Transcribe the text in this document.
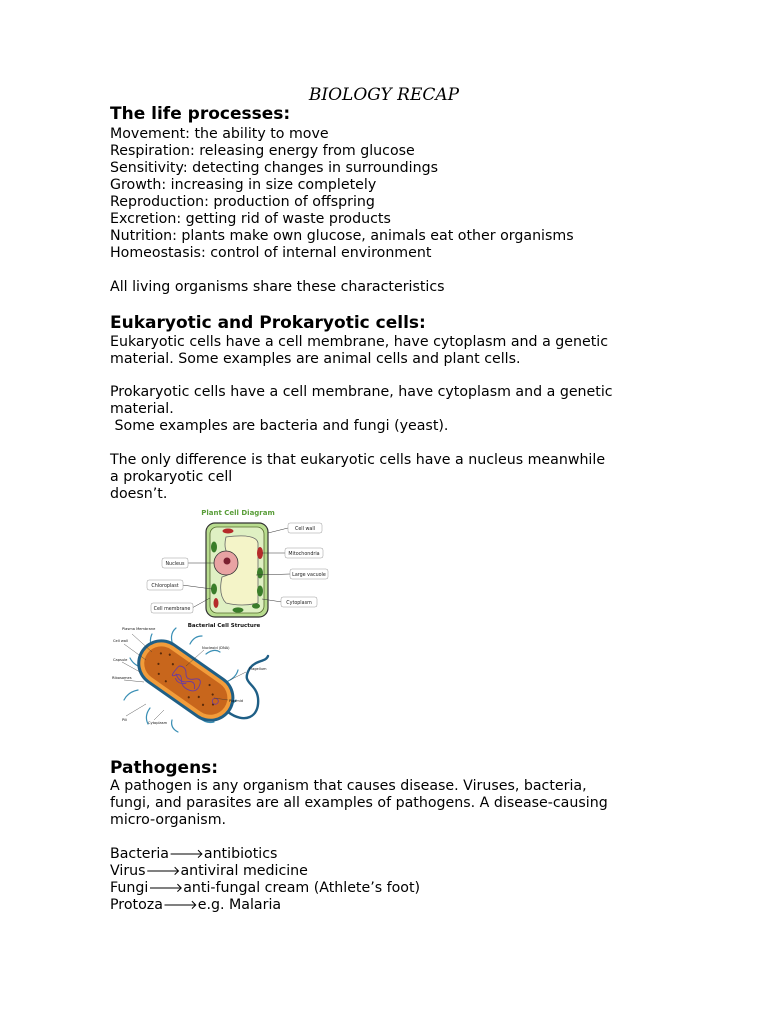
BIOLOGY RECAP
The life processes:
Movement: the ability to move
Respiration: releasing energy from glucose
Sensitivity: detecting changes in surroundings
Growth: increasing in size completely
Reproduction: production of offspring
Excretion: getting rid of waste products
Nutrition: plants make own glucose, animals eat other organisms
Homeostasis: control of internal environment
All living organisms share these characteristics
Eukaryotic and Prokaryotic cells:
Eukaryotic cells have a cell membrane, have cytoplasm and a genetic
material. Some examples are animal cells and plant cells.
Prokaryotic cells have a cell membrane, have cytoplasm and a genetic
material.
Some examples are bacteria and fungi (yeast).
The only difference is that eukaryotic cells have a nucleus meanwhile
a prokaryotic cell
doesn’t.
Plant Cell Diagram
Cell wall
Mitochondria
Large vacuole
Cytoplasm
Nucleus
Chloroplast
Cell membrane
Bacterial Cell Structure
Plasma Membrane
Cell wall
Capsule
Ribosomes
Nucleoid (DNA)
Flagellum
Plasmid
Pili
Cytoplasm
Pathogens:
A pathogen is any organism that causes disease. Viruses, bacteria,
fungi, and parasites are all examples of pathogens. A disease-causing
micro-organism.
Bacteria🡒antibiotics
Virus🡒antiviral medicine
Fungi🡒anti-fungal cream (Athlete’s foot)
Protoza🡒e.g. Malaria
